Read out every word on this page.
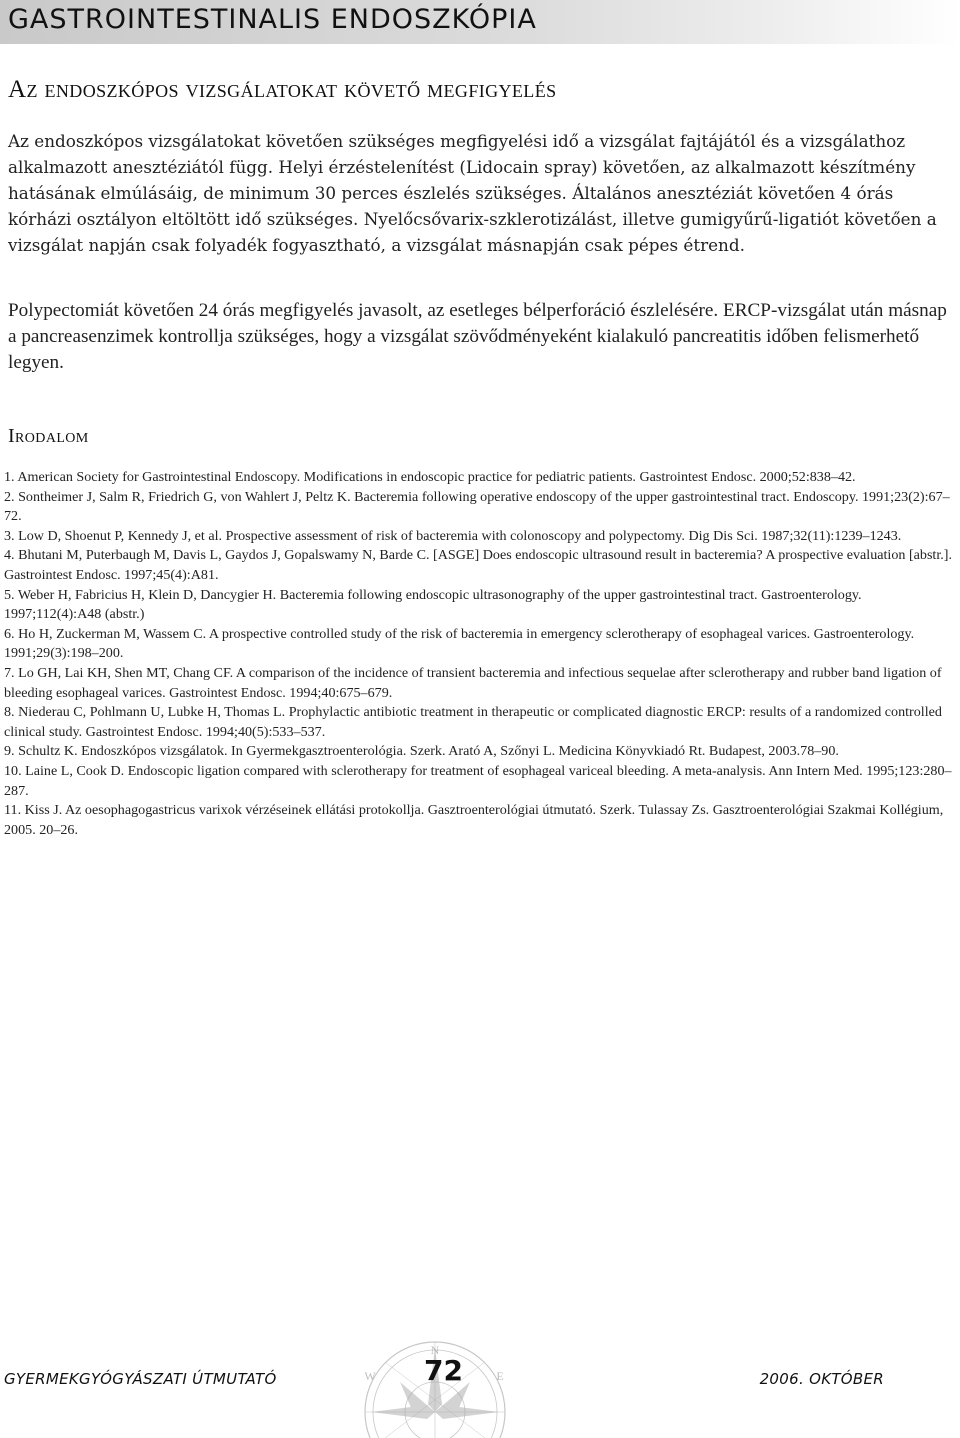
GASTROINTESTINALIS ENDOSZKÓPIA
Az endoszkópos vizsgálatokat követő megfigyelés

Az endoszkópos vizsgálatokat követően szükséges megfigyelési idő a vizsgálat fajtájától és a vizsgálathoz alkalmazott anesztéziától függ. Helyi érzéstelenítést (Lidocain spray) követően, az alkalmazott készítmény hatásának elmúlásáig, de minimum 30 perces észlelés szükséges. Általános anesztéziát követően 4 órás kórházi osztályon eltöltött idő szükséges. Nyelőcsővarix-szklerotizálást, illetve gumigyűrű-ligatiót követően a vizsgálat napján csak folyadék fogyasztható, a vizsgálat másnapján csak pépes étrend.

Polypectomiát követően 24 órás megfigyelés javasolt, az esetleges bélperforáció észlelésére. ERCP-vizsgálat után másnap a pancreasenzimek kontrollja szükséges, hogy a vizsgálat szövődményeként kialakuló pancreatitis időben felismerhető legyen.

Irodalom
1. American Society for Gastrointestinal Endoscopy. Modifications in endoscopic practice for pediatric patients. Gastrointest Endosc. 2000;52:838–42.
2. Sontheimer J, Salm R, Friedrich G, von Wahlert J, Peltz K. Bacteremia following operative endoscopy of the upper gastrointestinal tract. Endoscopy. 1991;23(2):67–72.
3. Low D, Shoenut P, Kennedy J, et al. Prospective assessment of risk of bacteremia with colonoscopy and polypectomy. Dig Dis Sci. 1987;32(11):1239–1243.
4. Bhutani M, Puterbaugh M, Davis L, Gaydos J, Gopalswamy N, Barde C. [ASGE] Does endoscopic ultrasound result in bacteremia? A prospective evaluation [abstr.]. Gastrointest Endosc. 1997;45(4):A81.
5. Weber H, Fabricius H, Klein D, Dancygier H. Bacteremia following endoscopic ultrasonography of the upper gastrointestinal tract. Gastroenterology. 1997;112(4):A48 (abstr.)
6. Ho H, Zuckerman M, Wassem C. A prospective controlled study of the risk of bacteremia in emergency sclerotherapy of esophageal varices. Gastroenterology. 1991;29(3):198–200.
7. Lo GH, Lai KH, Shen MT, Chang CF. A comparison of the incidence of transient bacteremia and infectious sequelae after sclerotherapy and rubber band ligation of bleeding esophageal varices. Gastrointest Endosc. 1994;40:675–679.
8. Niederau C, Pohlmann U, Lubke H, Thomas L. Prophylactic antibiotic treatment in therapeutic or complicated diagnostic ERCP: results of a randomized controlled clinical study. Gastrointest Endosc. 1994;40(5):533–537.
9. Schultz K. Endoszkópos vizsgálatok. In Gyermekgasztroenterológia. Szerk. Arató A, Szőnyi L. Medicina Könyvkiadó Rt. Budapest, 2003.78–90.
10. Laine L, Cook D. Endoscopic ligation compared with sclerotherapy for treatment of esophageal variceal bleeding. A meta-analysis. Ann Intern Med. 1995;123:280–287.
11. Kiss J. Az oesophagogastricus varixok vérzéseinek ellátási protokollja. Gasztroenterológiai útmutató. Szerk. Tulassay Zs. Gasztroenterológiai Szakmai Kollégium, 2005. 20–26.
N
E
W
GYERMEKGYÓGYÁSZATI ÚTMUTATÓ	72	2006. OKTÓBER
